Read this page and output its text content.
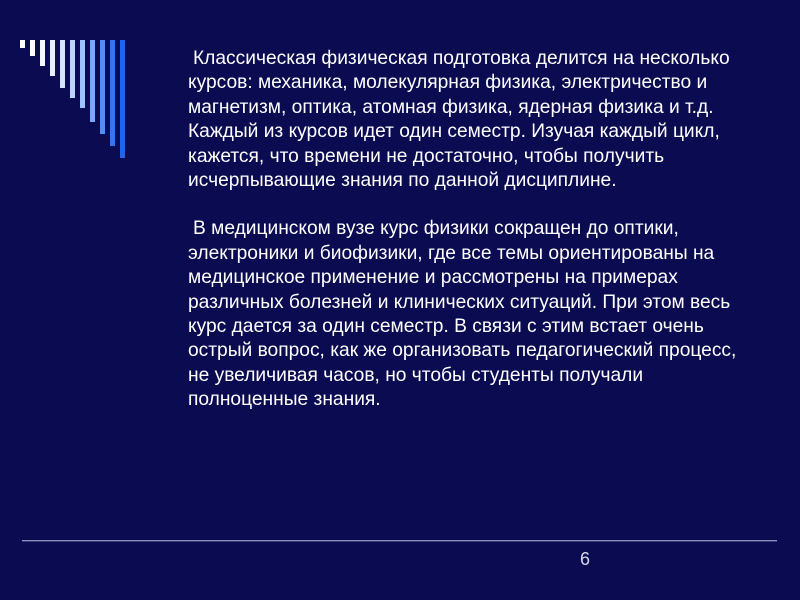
Классическая физическая подготовка делится на несколько курсов: механика, молекулярная физика, электричество и магнетизм, оптика, атомная физика, ядерная физика и т.д. Каждый из курсов идет один семестр. Изучая каждый цикл, кажется, что времени не достаточно, чтобы получить исчерпывающие знания по данной дисциплине.

В медицинском вузе курс физики сокращен до оптики, электроники и биофизики, где все темы ориентированы на медицинское применение и рассмотрены на примерах различных болезней и клинических ситуаций. При этом весь курс дается за один семестр. В связи с этим встает очень острый вопрос, как же организовать педагогический процесс, не увеличивая часов, но чтобы студенты получали полноценные знания.

6
